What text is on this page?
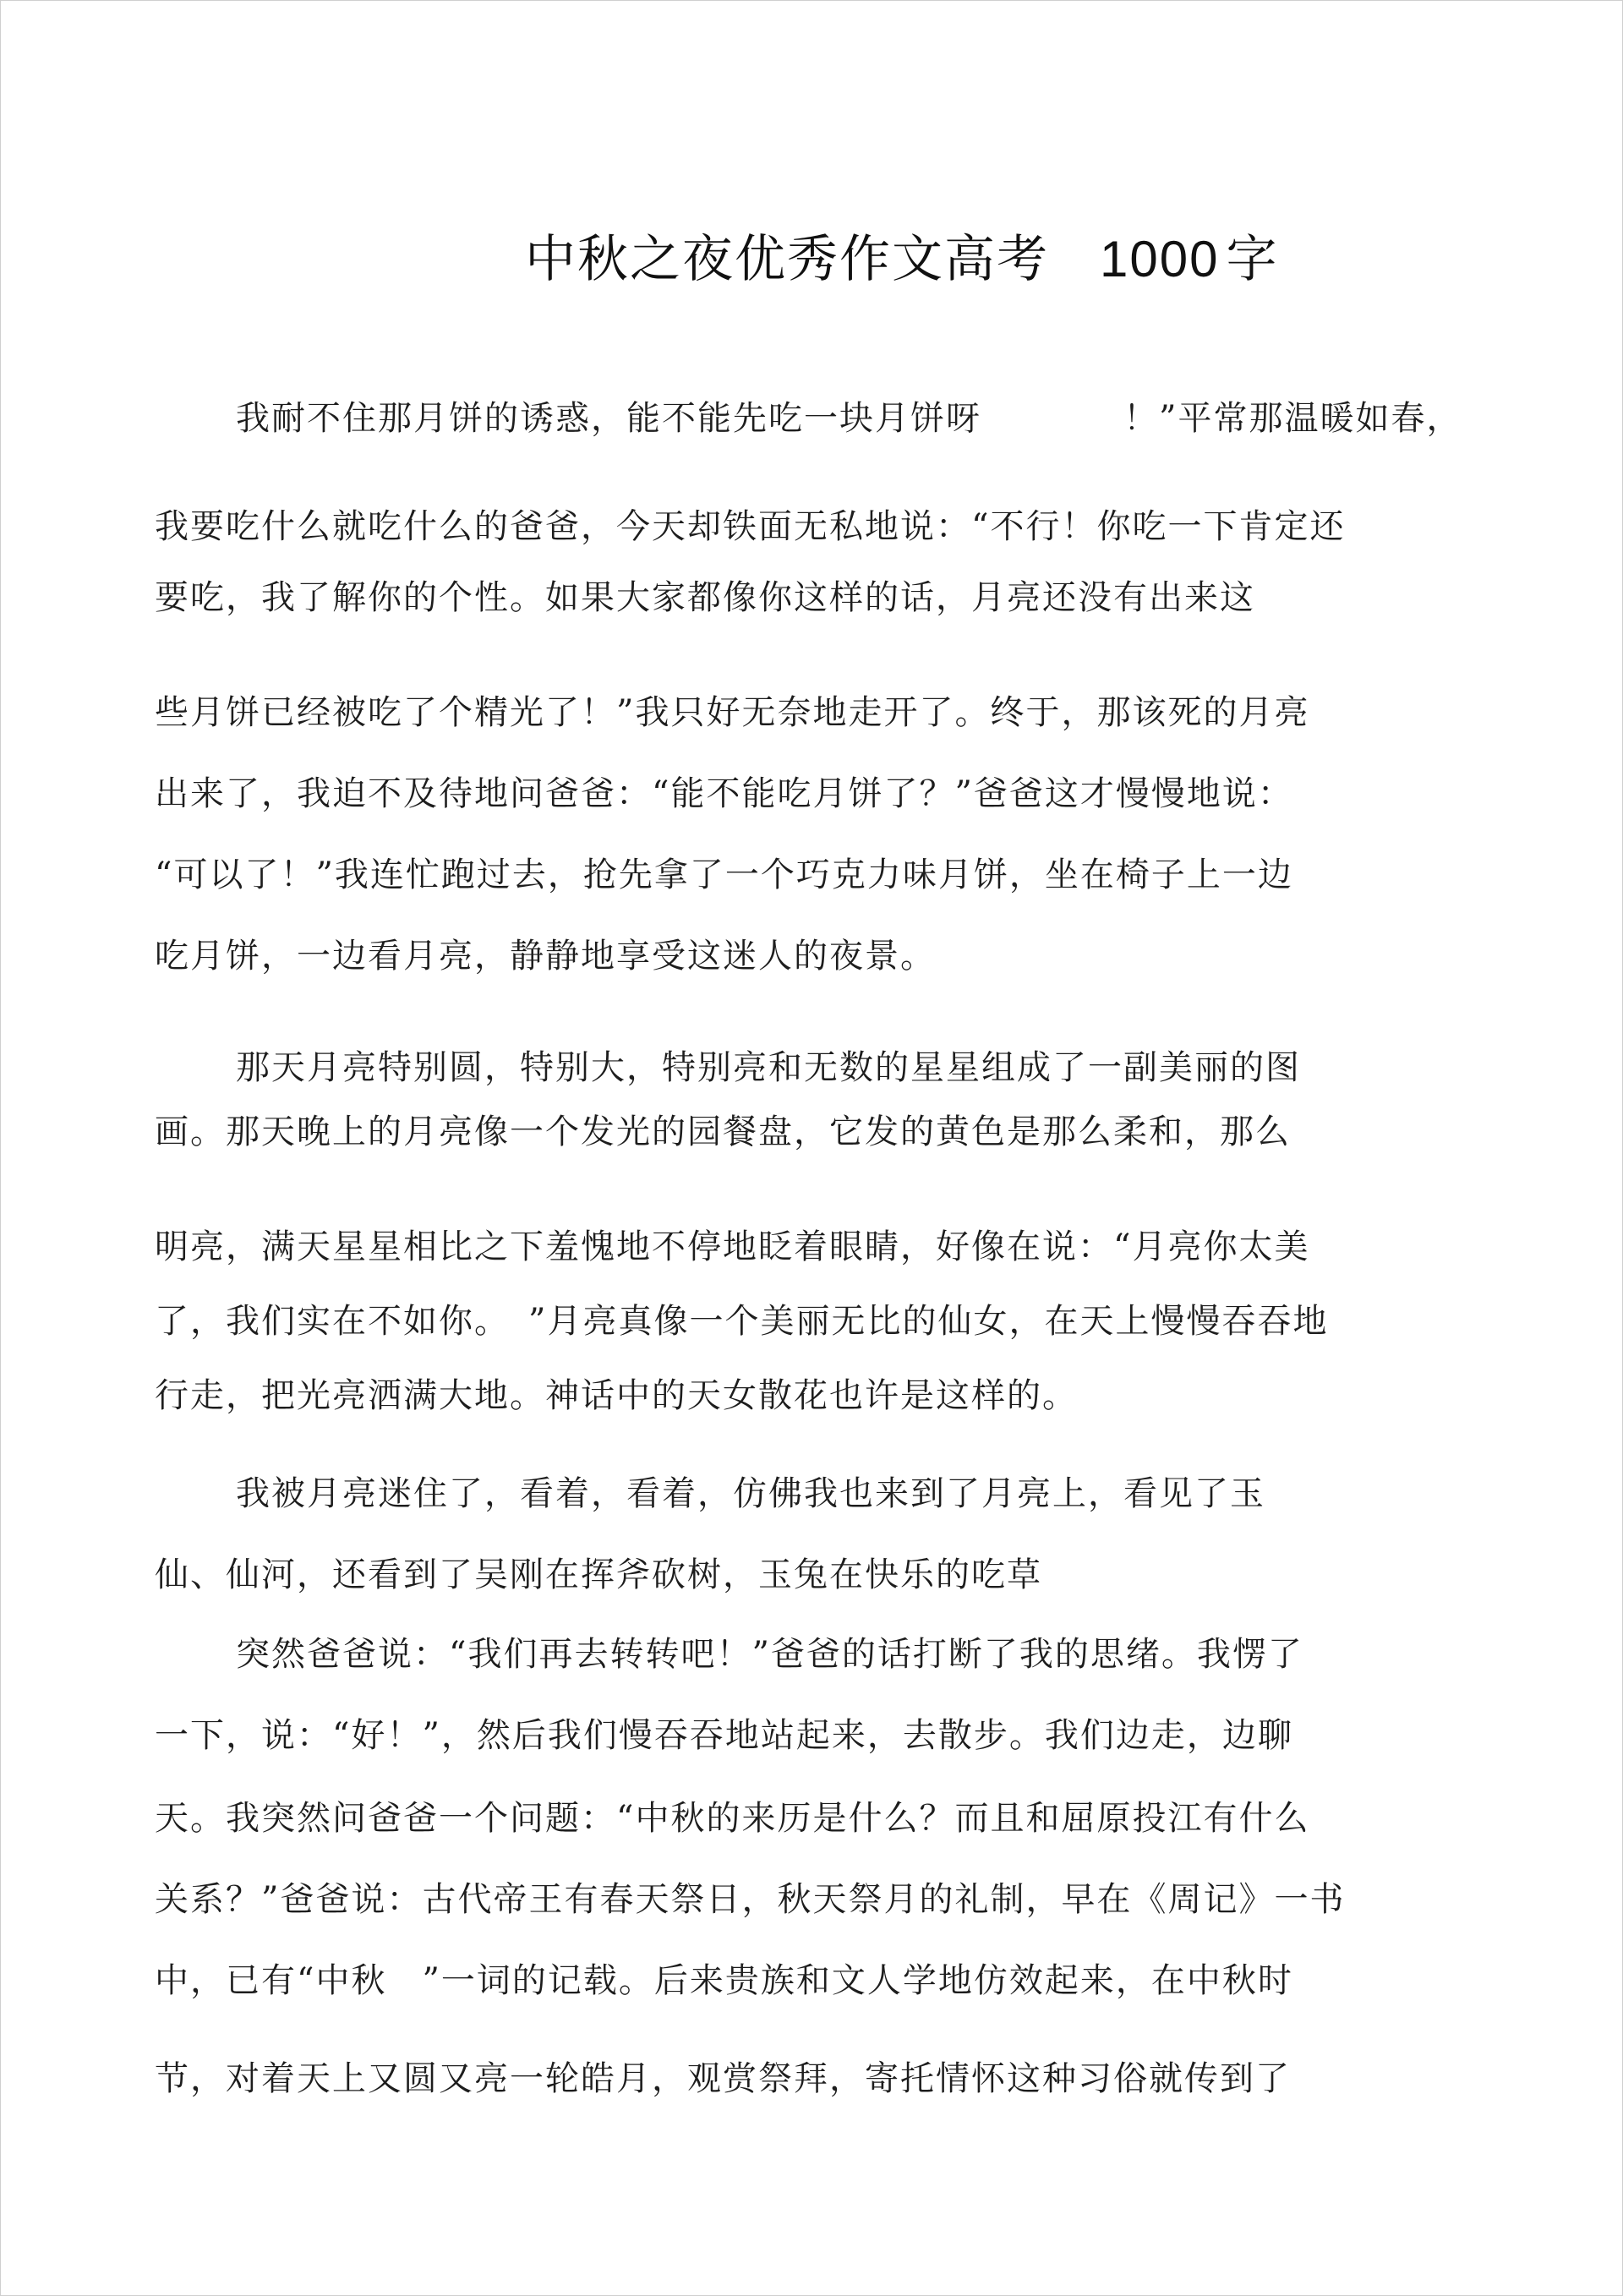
中秋之夜优秀作文高考 1000 字
我耐不住那月饼的诱惑，能不能先吃一块月饼呀　　　　！”平常那温暖如春，
我要吃什么就吃什么的爸爸，今天却铁面无私地说：“不行！你吃一下肯定还
要吃，我了解你的个性。如果大家都像你这样的话，月亮还没有出来这
些月饼已经被吃了个精光了！”我只好无奈地走开了。终于，那该死的月亮
出来了，我迫不及待地问爸爸：“能不能吃月饼了？”爸爸这才慢慢地说：
“可以了！”我连忙跑过去，抢先拿了一个巧克力味月饼，坐在椅子上一边
吃月饼，一边看月亮，静静地享受这迷人的夜景。
那天月亮特别圆，特别大，特别亮和无数的星星组成了一副美丽的图
画。那天晚上的月亮像一个发光的园餐盘，它发的黄色是那么柔和，那么
明亮，满天星星相比之下羞愧地不停地眨着眼睛，好像在说：“月亮你太美
了，我们实在不如你。　”月亮真像一个美丽无比的仙女，在天上慢慢吞吞地
行走，把光亮洒满大地。神话中的天女散花也许是这样的。
我被月亮迷住了，看着，看着，仿佛我也来到了月亮上，看见了玉
仙、仙河，还看到了吴刚在挥斧砍树，玉兔在快乐的吃草
突然爸爸说：“我们再去转转吧！”爸爸的话打断了我的思绪。我愣了
一下，说：“好！”，然后我们慢吞吞地站起来，去散步。我们边走，边聊
天。我突然问爸爸一个问题：“中秋的来历是什么？而且和屈原投江有什么
关系？”爸爸说：古代帝王有春天祭日，秋天祭月的礼制，早在《周记》一书
中，已有“中秋　”一词的记载。后来贵族和文人学地仿效起来，在中秋时
节，对着天上又圆又亮一轮皓月，观赏祭拜，寄托情怀这种习俗就传到了
